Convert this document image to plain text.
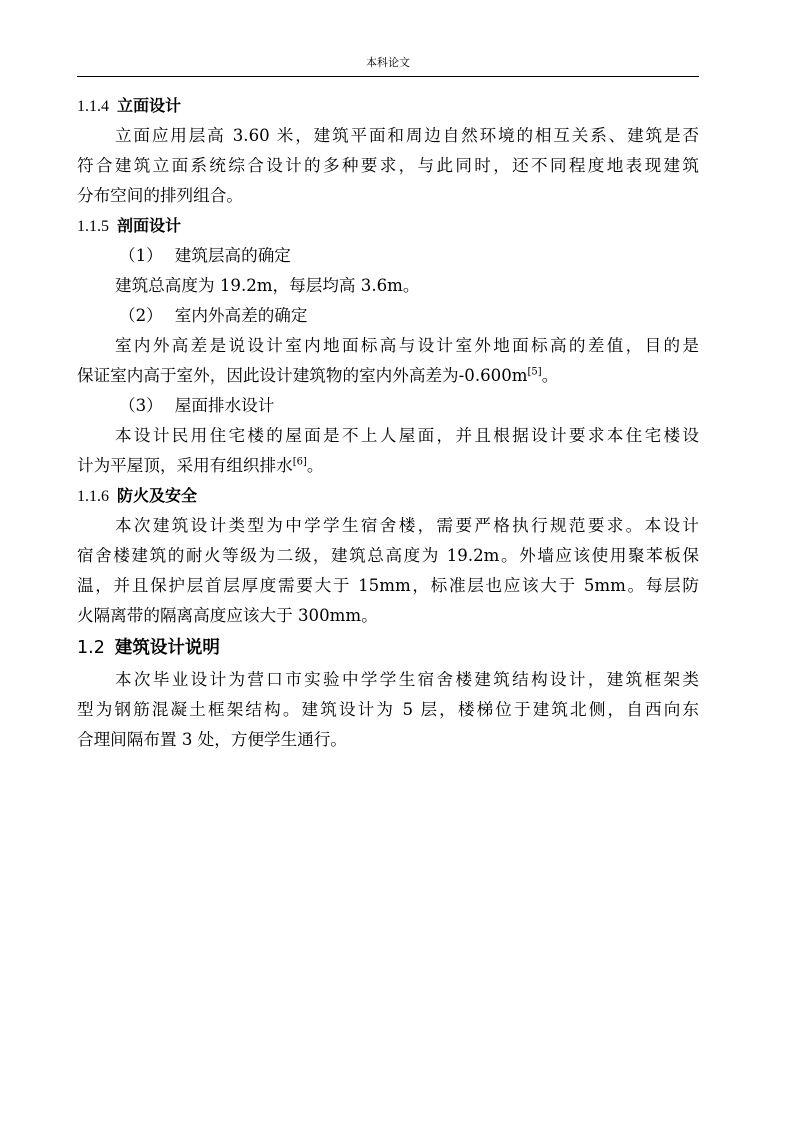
本科论文
1.1.4 立面设计
立面应用层高 3.60 米，建筑平面和周边自然环境的相互关系、建筑是否
符合建筑立面系统综合设计的多种要求，与此同时，还不同程度地表现建筑
分布空间的排列组合。
1.1.5 剖面设计
（1） 建筑层高的确定
建筑总高度为 19.2m，每层均高 3.6m。
（2） 室内外高差的确定
室内外高差是说设计室内地面标高与设计室外地面标高的差值，目的是
保证室内高于室外，因此设计建筑物的室内外高差为-0.600m[5]。
（3） 屋面排水设计
本设计民用住宅楼的屋面是不上人屋面，并且根据设计要求本住宅楼设
计为平屋顶，采用有组织排水[6]。
1.1.6 防火及安全
本次建筑设计类型为中学学生宿舍楼，需要严格执行规范要求。本设计
宿舍楼建筑的耐火等级为二级，建筑总高度为 19.2m。外墙应该使用聚苯板保
温，并且保护层首层厚度需要大于 15mm，标准层也应该大于 5mm。每层防
火隔离带的隔离高度应该大于 300mm。
1.2 建筑设计说明
本次毕业设计为营口市实验中学学生宿舍楼建筑结构设计，建筑框架类
型为钢筋混凝土框架结构。建筑设计为 5 层，楼梯位于建筑北侧，自西向东
合理间隔布置 3 处，方便学生通行。
